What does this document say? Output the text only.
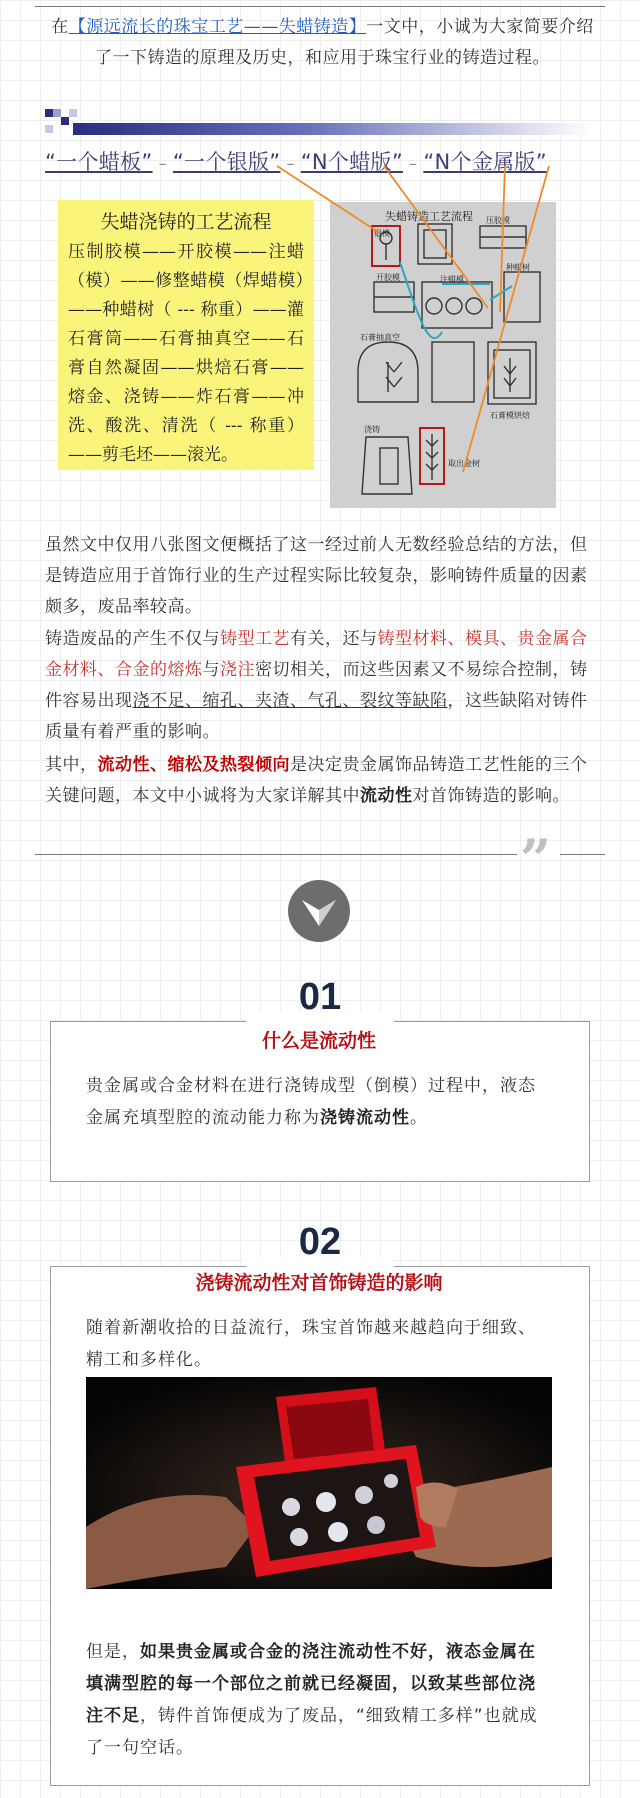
在【源远流长的珠宝工艺——失蜡铸造】一文中，小诚为大家简要介绍了一下铸造的原理及历史，和应用于珠宝行业的铸造过程。
“一个蜡板” – “一个银版” – “N个蜡版” – “N个金属版”
失蜡浇铸的工艺流程
压制胶模——开胶模——注蜡（模）——修整蜡模（焊蜡模）——种蜡树（ --- 称重）——灌石膏筒——石膏抽真空——石膏自然凝固——烘焙石膏——熔金、浇铸——炸石膏——冲洗、酸洗、清洗（ --- 称重）——剪毛坯——滚光。
失蜡铸造工艺流程
银模
压胶模
开胶模	注蜡模
种蜡树
石膏抽真空
浇铸
石膏模烘焙
取出金树
虽然文中仅用八张图文便概括了这一经过前人无数经验总结的方法，但是铸造应用于首饰行业的生产过程实际比较复杂，影响铸件质量的因素颇多，废品率较高。
铸造废品的产生不仅与铸型工艺有关，还与铸型材料、模具、贵金属合金材料、合金的熔炼与浇注密切相关，而这些因素又不易综合控制，铸件容易出现浇不足、缩孔、夹渣、气孔、裂纹等缺陷，这些缺陷对铸件质量有着严重的影响。
其中，流动性、缩松及热裂倾向是决定贵金属饰品铸造工艺性能的三个关键问题，本文中小诚将为大家详解其中流动性对首饰铸造的影响。
”
01
什么是流动性
贵金属或合金材料在进行浇铸成型（倒模）过程中，液态金属充填型腔的流动能力称为浇铸流动性。
02
浇铸流动性对首饰铸造的影响
随着新潮收拾的日益流行，珠宝首饰越来越趋向于细致、精工和多样化。
但是，如果贵金属或合金的浇注流动性不好，液态金属在填满型腔的每一个部位之前就已经凝固，以致某些部位浇注不足，铸件首饰便成为了废品，“细致精工多样”也就成了一句空话。
